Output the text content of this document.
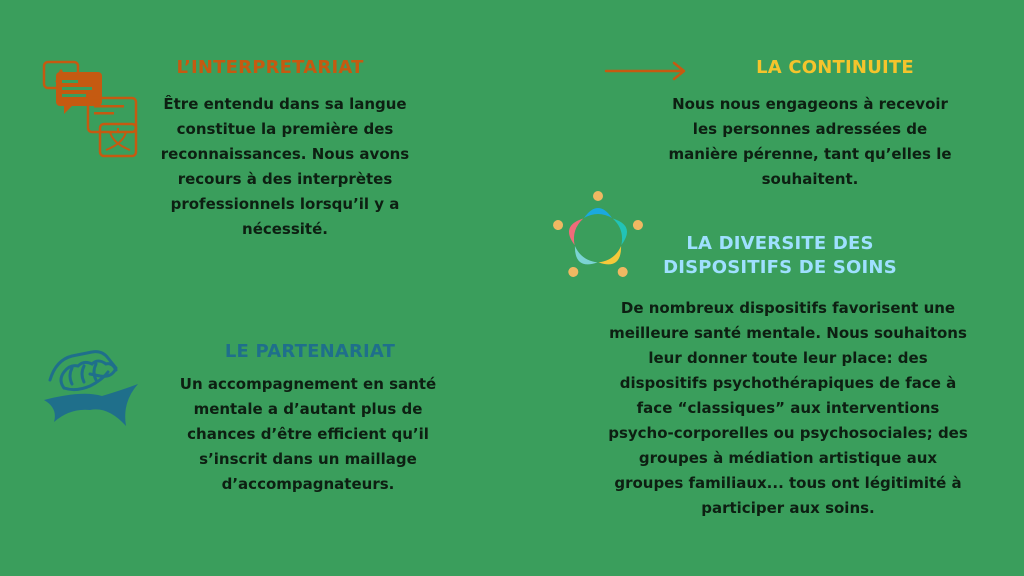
L’INTERPRETARIAT
Être entendu dans sa langue
constitue la première des
reconnaissances. Nous avons
recours à des interprètes
professionnels lorsqu’il y a
nécessité.
LA CONTINUITE
Nous nous engageons à recevoir
les personnes adressées de
manière pérenne, tant qu’elles le
souhaitent.
LA DIVERSITE DES
DISPOSITIFS DE SOINS
De nombreux dispositifs favorisent une
meilleure santé mentale. Nous souhaitons
leur donner toute leur place: des
dispositifs psychothérapiques de face à
face “classiques” aux interventions
psycho-corporelles ou psychosociales; des
groupes à médiation artistique aux
groupes familiaux... tous ont légitimité à
participer aux soins.
LE PARTENARIAT
Un accompagnement en santé
mentale a d’autant plus de
chances d’être efficient qu’il
s’inscrit dans un maillage
d’accompagnateurs.
